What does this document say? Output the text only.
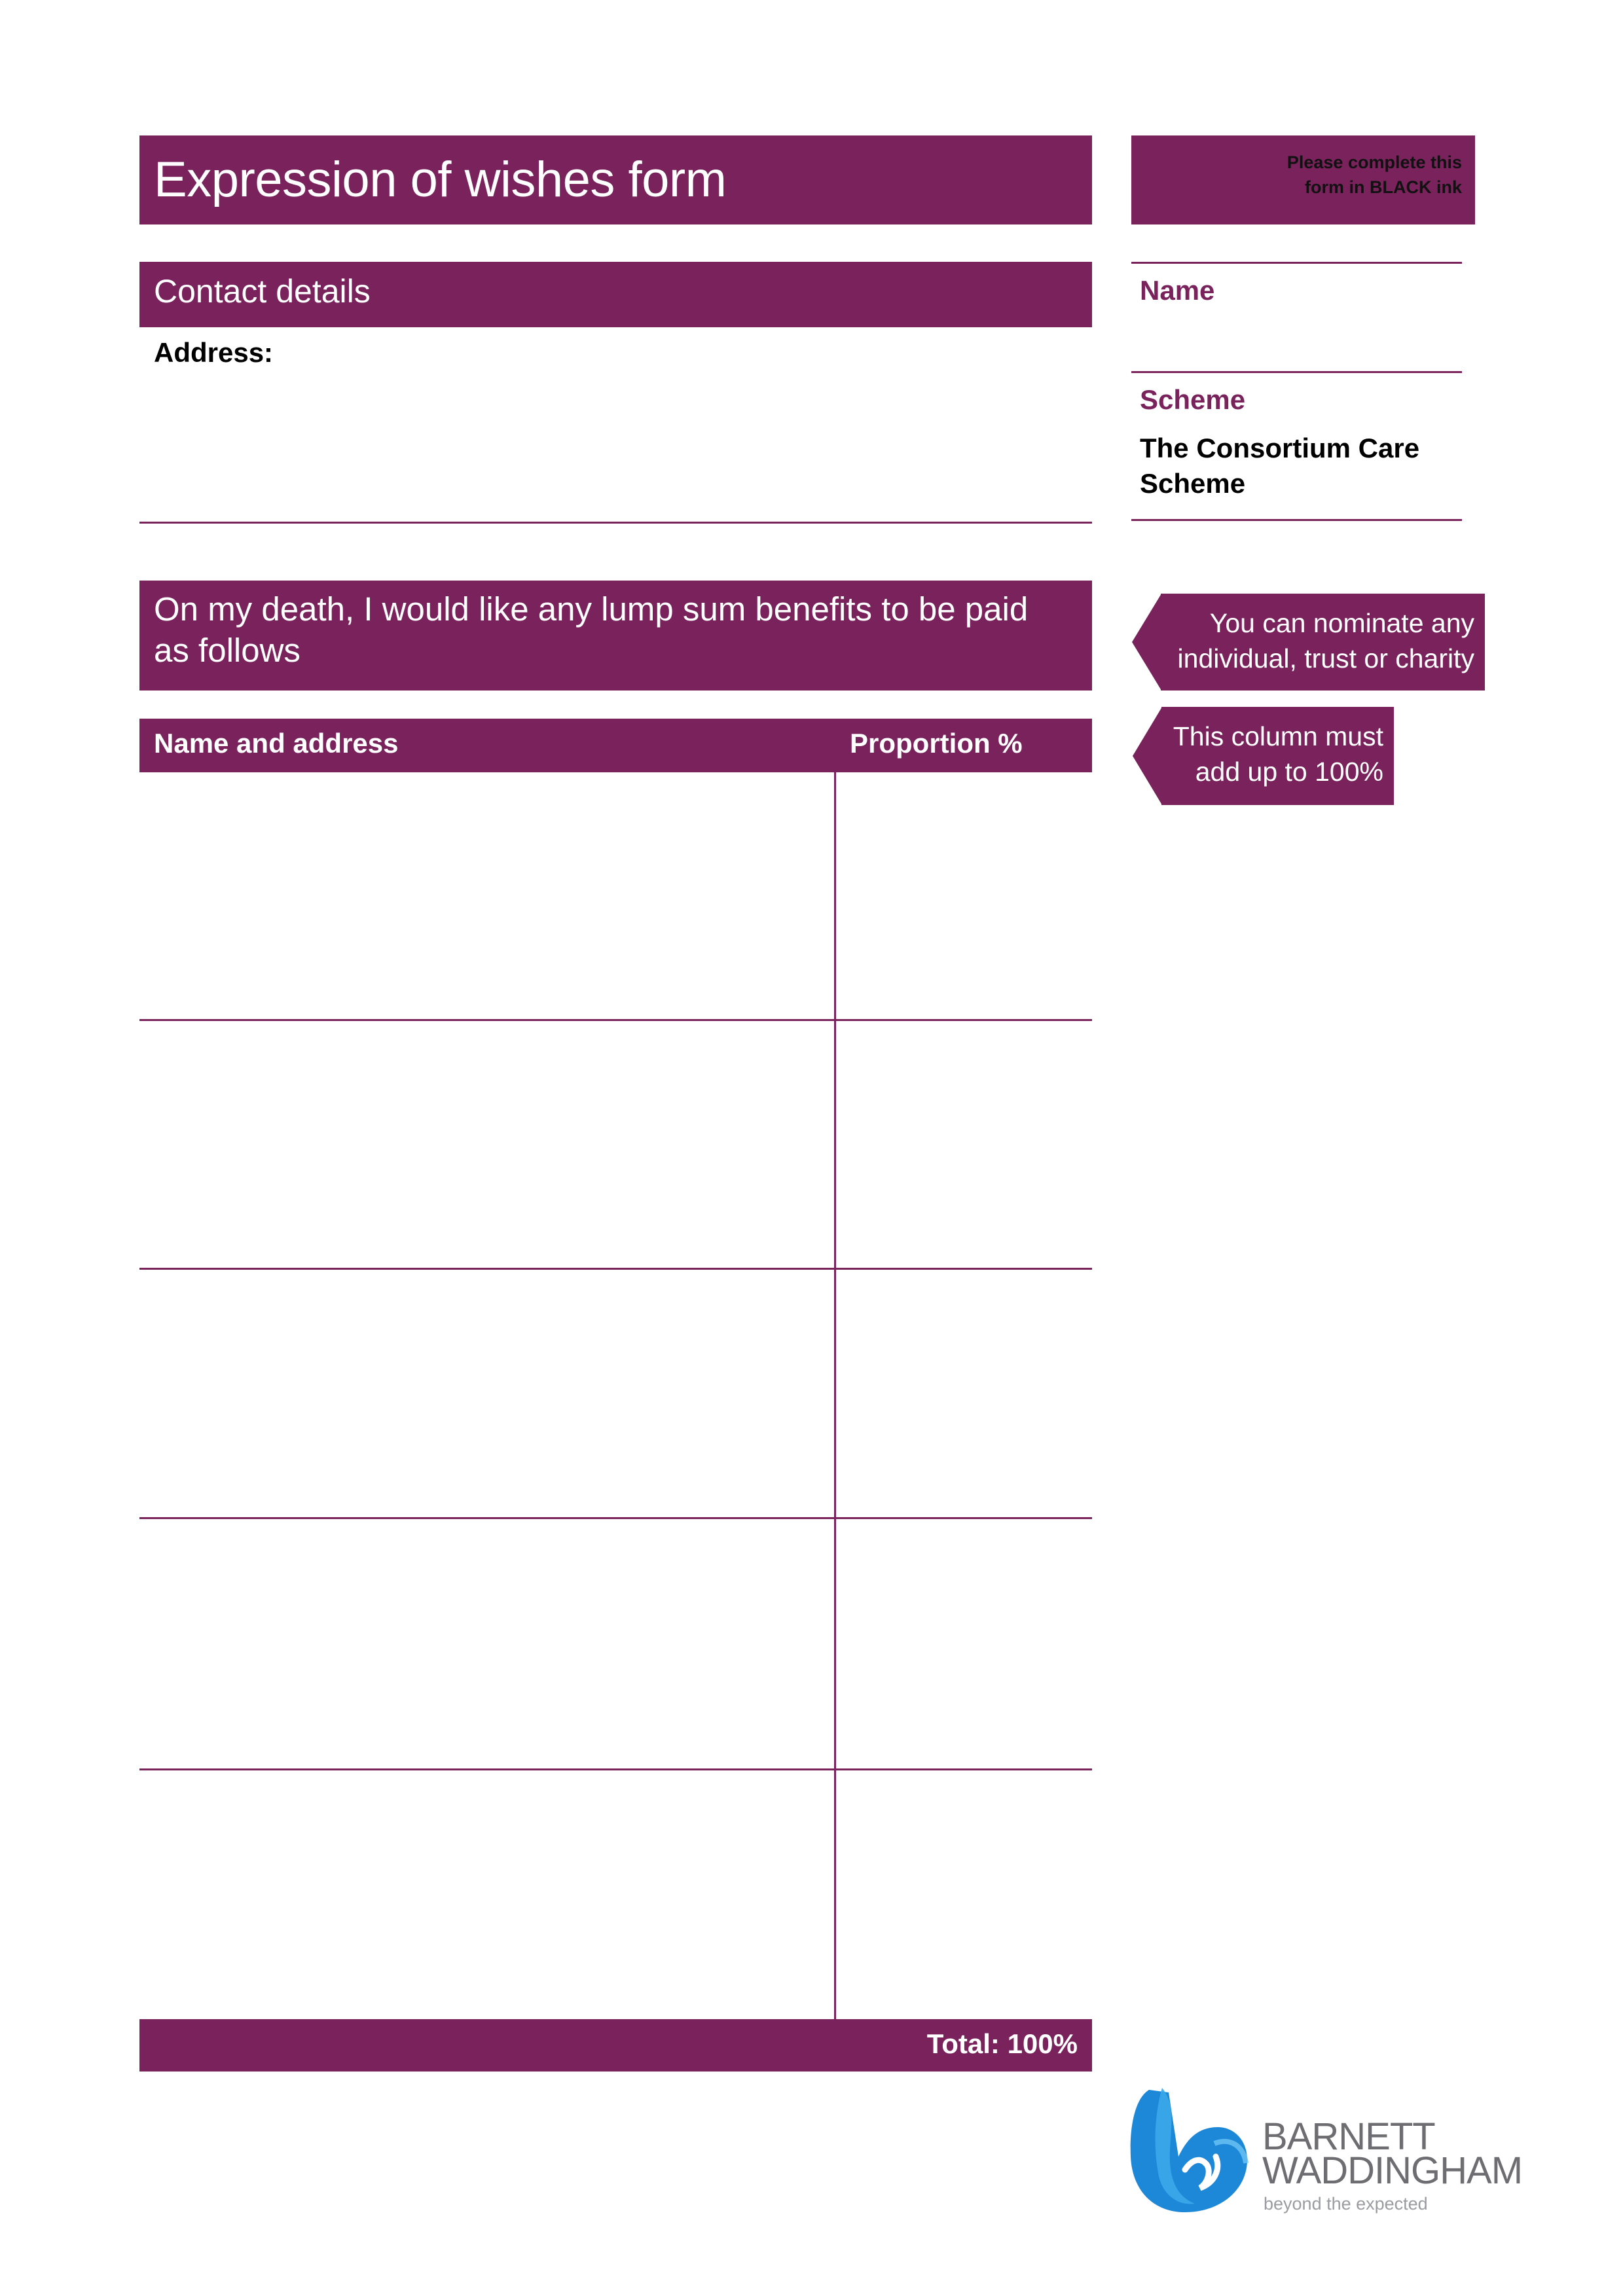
Expression of wishes form	Please complete this
form in BLACK ink
Contact details
Address:
Name
Scheme
The Consortium Care
Scheme
On my death, I would like any lump sum benefits to be paid as follows
You can nominate any
individual, trust or charity
This column must
add up to 100%
Name and address	Proportion %
Total: 100%
BARNETT
WADDINGHAM
beyond the expected
